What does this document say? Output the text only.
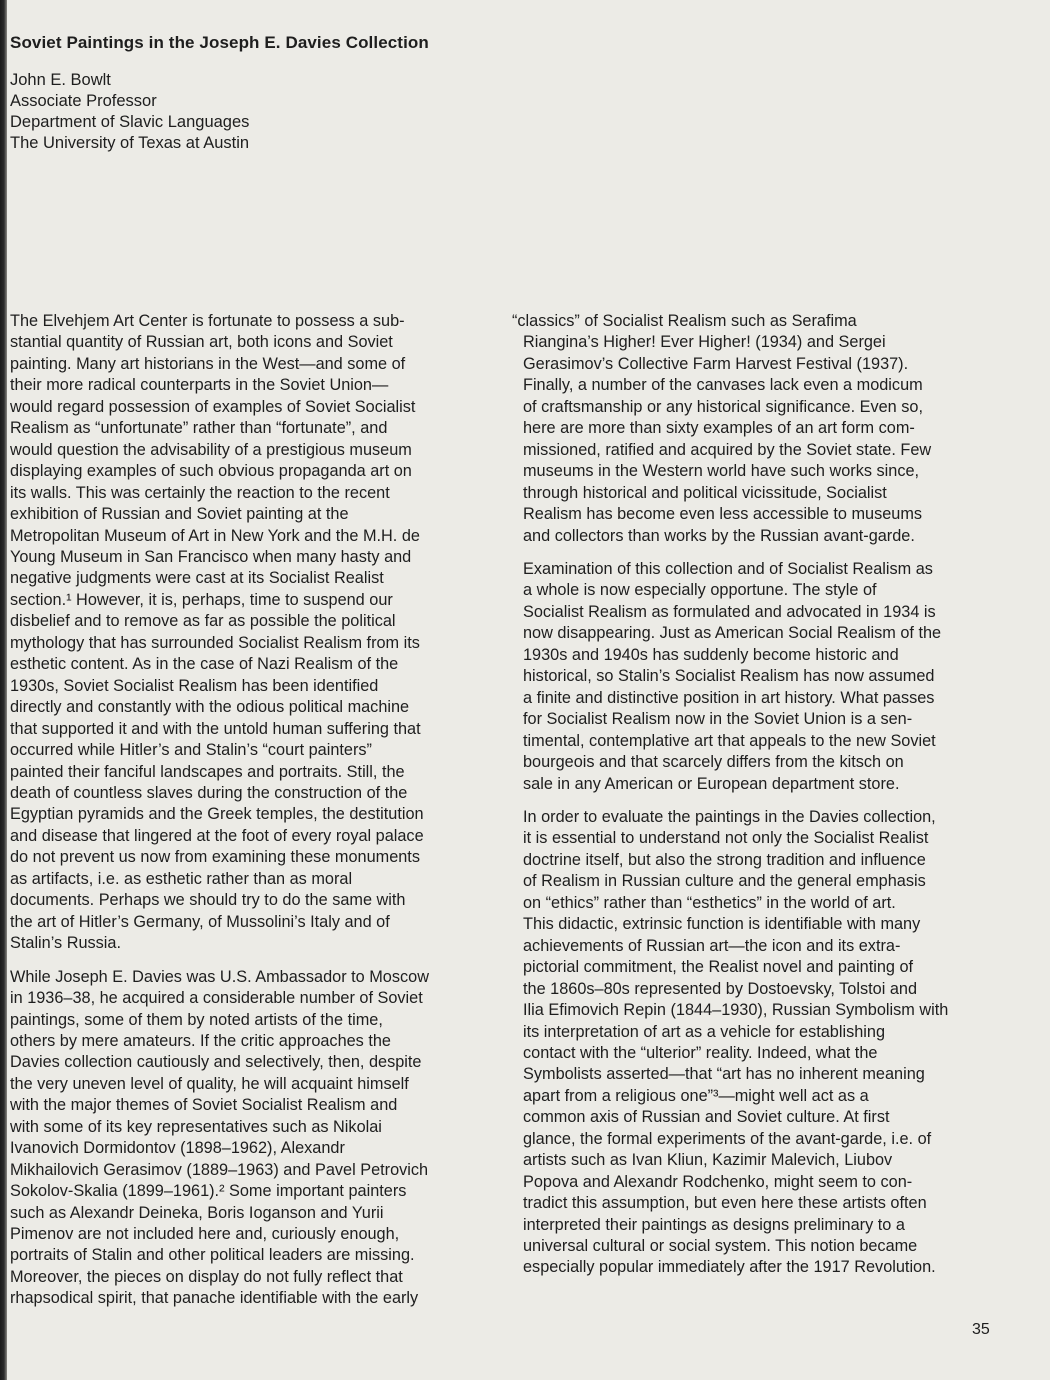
Soviet Paintings in the Joseph E. Davies Collection
John E. Bowlt
Associate Professor
Department of Slavic Languages
The University of Texas at Austin

The Elvehjem Art Center is fortunate to possess a sub-
stantial quantity of Russian art, both icons and Soviet
painting. Many art historians in the West—and some of
their more radical counterparts in the Soviet Union—
would regard possession of examples of Soviet Socialist
Realism as “unfortunate” rather than “fortunate”, and
would question the advisability of a prestigious museum
displaying examples of such obvious propaganda art on
its walls. This was certainly the reaction to the recent
exhibition of Russian and Soviet painting at the
Metropolitan Museum of Art in New York and the M.H. de
Young Museum in San Francisco when many hasty and
negative judgments were cast at its Socialist Realist
section.¹ However, it is, perhaps, time to suspend our
disbelief and to remove as far as possible the political
mythology that has surrounded Socialist Realism from its
esthetic content. As in the case of Nazi Realism of the
1930s, Soviet Socialist Realism has been identified
directly and constantly with the odious political machine
that supported it and with the untold human suffering that
occurred while Hitler’s and Stalin’s “court painters”
painted their fanciful landscapes and portraits. Still, the
death of countless slaves during the construction of the
Egyptian pyramids and the Greek temples, the destitution
and disease that lingered at the foot of every royal palace
do not prevent us now from examining these monuments
as artifacts, i.e. as esthetic rather than as moral
documents. Perhaps we should try to do the same with
the art of Hitler’s Germany, of Mussolini’s Italy and of
Stalin’s Russia.

While Joseph E. Davies was U.S. Ambassador to Moscow
in 1936–38, he acquired a considerable number of Soviet
paintings, some of them by noted artists of the time,
others by mere amateurs. If the critic approaches the
Davies collection cautiously and selectively, then, despite
the very uneven level of quality, he will acquaint himself
with the major themes of Soviet Socialist Realism and
with some of its key representatives such as Nikolai
Ivanovich Dormidontov (1898–1962), Alexandr
Mikhailovich Gerasimov (1889–1963) and Pavel Petrovich
Sokolov-Skalia (1899–1961).² Some important painters
such as Alexandr Deineka, Boris Ioganson and Yurii
Pimenov are not included here and, curiously enough,
portraits of Stalin and other political leaders are missing.
Moreover, the pieces on display do not fully reflect that
rhapsodical spirit, that panache identifiable with the early

“classics” of Socialist Realism such as Serafima
Riangina’s Higher! Ever Higher! (1934) and Sergei
Gerasimov’s Collective Farm Harvest Festival (1937).
Finally, a number of the canvases lack even a modicum
of craftsmanship or any historical significance. Even so,
here are more than sixty examples of an art form com-
missioned, ratified and acquired by the Soviet state. Few
museums in the Western world have such works since,
through historical and political vicissitude, Socialist
Realism has become even less accessible to museums
and collectors than works by the Russian avant-garde.

Examination of this collection and of Socialist Realism as
a whole is now especially opportune. The style of
Socialist Realism as formulated and advocated in 1934 is
now disappearing. Just as American Social Realism of the
1930s and 1940s has suddenly become historic and
historical, so Stalin’s Socialist Realism has now assumed
a finite and distinctive position in art history. What passes
for Socialist Realism now in the Soviet Union is a sen-
timental, contemplative art that appeals to the new Soviet
bourgeois and that scarcely differs from the kitsch on
sale in any American or European department store.

In order to evaluate the paintings in the Davies collection,
it is essential to understand not only the Socialist Realist
doctrine itself, but also the strong tradition and influence
of Realism in Russian culture and the general emphasis
on “ethics” rather than “esthetics” in the world of art.
This didactic, extrinsic function is identifiable with many
achievements of Russian art—the icon and its extra-
pictorial commitment, the Realist novel and painting of
the 1860s–80s represented by Dostoevsky, Tolstoi and
Ilia Efimovich Repin (1844–1930), Russian Symbolism with
its interpretation of art as a vehicle for establishing
contact with the “ulterior” reality. Indeed, what the
Symbolists asserted—that “art has no inherent meaning
apart from a religious one”³—might well act as a
common axis of Russian and Soviet culture. At first
glance, the formal experiments of the avant-garde, i.e. of
artists such as Ivan Kliun, Kazimir Malevich, Liubov
Popova and Alexandr Rodchenko, might seem to con-
tradict this assumption, but even here these artists often
interpreted their paintings as designs preliminary to a
universal cultural or social system. This notion became
especially popular immediately after the 1917 Revolution.

35
